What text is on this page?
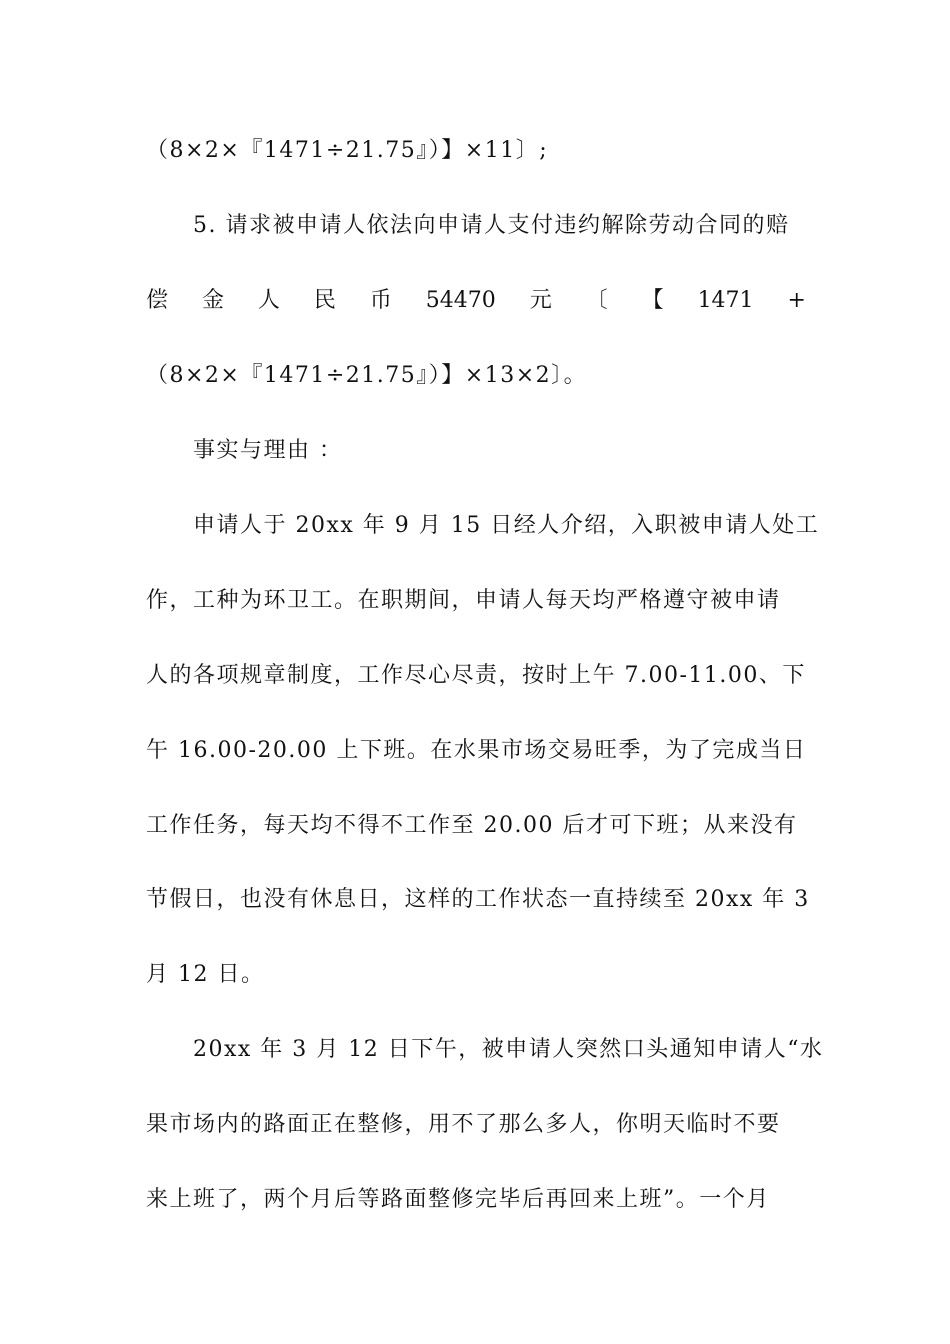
（8×2×『1471÷21.75』）】×11〕;
5. 请求被申请人依法向申请人支付违约解除劳动合同的赔
偿 金 人 民 币 54470 元 〔 【 1471 +
（8×2×『1471÷21.75』）】×13×2〕。
事实与理由 ：
申请人于 20xx 年 9 月 15 日经人介绍，入职被申请人处工
作，工种为环卫工。在职期间，申请人每天均严格遵守被申请
人的各项规章制度，工作尽心尽责，按时上午 7.00-11.00、下
午 16.00-20.00 上下班。在水果市场交易旺季，为了完成当日
工作任务，每天均不得不工作至 20.00 后才可下班；从来没有
节假日，也没有休息日，这样的工作状态一直持续至 20xx 年 3
月 12 日。
20xx 年 3 月 12 日下午，被申请人突然口头通知申请人“水
果市场内的路面正在整修，用不了那么多人，你明天临时不要
来上班了，两个月后等路面整修完毕后再回来上班”。一个月
